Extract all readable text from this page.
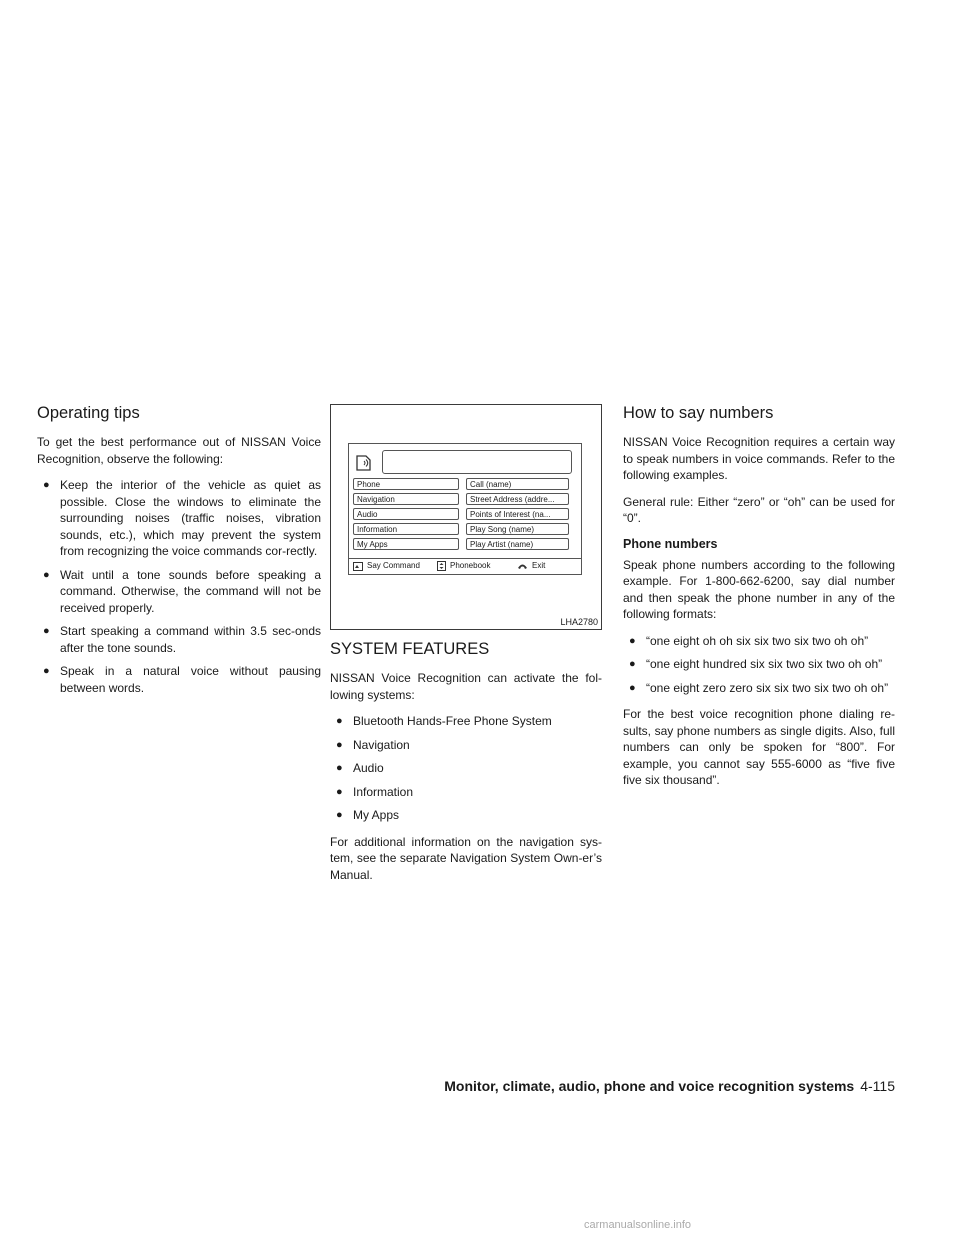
Operating tips

To get the best performance out of NISSAN Voice Recognition, observe the following:

● Keep the interior of the vehicle as quiet as possible. Close the windows to eliminate the surrounding noises (traffic noises, vibration sounds, etc.), which may prevent the system from recognizing the voice commands cor-rectly.
● Wait until a tone sounds before speaking a command. Otherwise, the command will not be received properly.
● Start speaking a command within 3.5 sec-onds after the tone sounds.
● Speak in a natural voice without pausing between words.
Phone
Navigation
Audio
Information
My Apps
Call (name)
Street Address (addre...
Points of Interest (na...
Play Song (name)
Play Artist (name)
Say Command	Phonebook	Exit
LHA2780
SYSTEM FEATURES

NISSAN Voice Recognition can activate the fol-lowing systems:

● Bluetooth Hands-Free Phone System
● Navigation
● Audio
● Information
● My Apps

For additional information on the navigation sys-tem, see the separate Navigation System Own-er’s Manual.

How to say numbers

NISSAN Voice Recognition requires a certain way to speak numbers in voice commands. Refer to the following examples.

General rule: Either “zero” or “oh” can be used for “0”.

Phone numbers

Speak phone numbers according to the following example. For 1-800-662-6200, say dial number and then speak the phone number in any of the following formats:

● “one eight oh oh six six two six two oh oh”
● “one eight hundred six six two six two oh oh”
● “one eight zero zero six six two six two oh oh”

For the best voice recognition phone dialing re-sults, say phone numbers as single digits. Also, full numbers can only be spoken for “800”. For example, you cannot say 555-6000 as “five five five six thousand”.

Monitor, climate, audio, phone and voice recognition systems 4-115
carmanualsonline.info
